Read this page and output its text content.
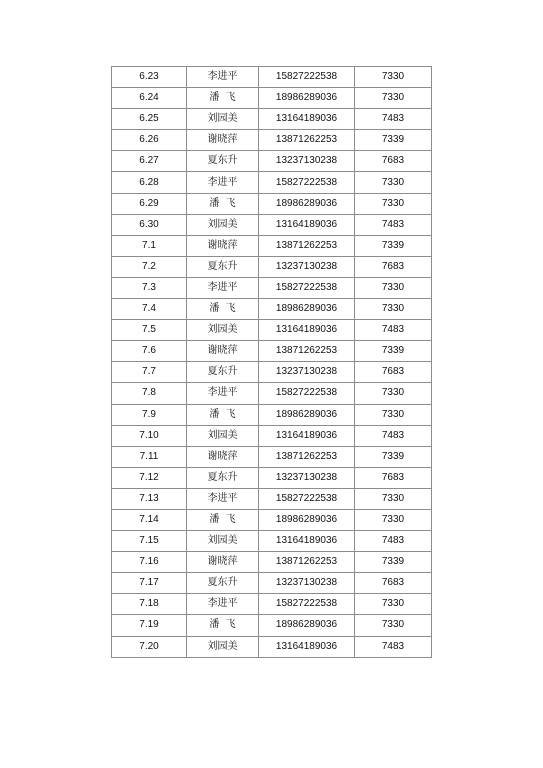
6.23	李进平	15827222538	7330
6.24	潘  飞	18986289036	7330
6.25	刘园美	13164189036	7483
6.26	谢晓萍	13871262253	7339
6.27	夏东升	13237130238	7683
6.28	李进平	15827222538	7330
6.29	潘  飞	18986289036	7330
6.30	刘园美	13164189036	7483
7.1	谢晓萍	13871262253	7339
7.2	夏东升	13237130238	7683
7.3	李进平	15827222538	7330
7.4	潘  飞	18986289036	7330
7.5	刘园美	13164189036	7483
7.6	谢晓萍	13871262253	7339
7.7	夏东升	13237130238	7683
7.8	李进平	15827222538	7330
7.9	潘  飞	18986289036	7330
7.10	刘园美	13164189036	7483
7.11	谢晓萍	13871262253	7339
7.12	夏东升	13237130238	7683
7.13	李进平	15827222538	7330
7.14	潘  飞	18986289036	7330
7.15	刘园美	13164189036	7483
7.16	谢晓萍	13871262253	7339
7.17	夏东升	13237130238	7683
7.18	李进平	15827222538	7330
7.19	潘  飞	18986289036	7330
7.20	刘园美	13164189036	7483
